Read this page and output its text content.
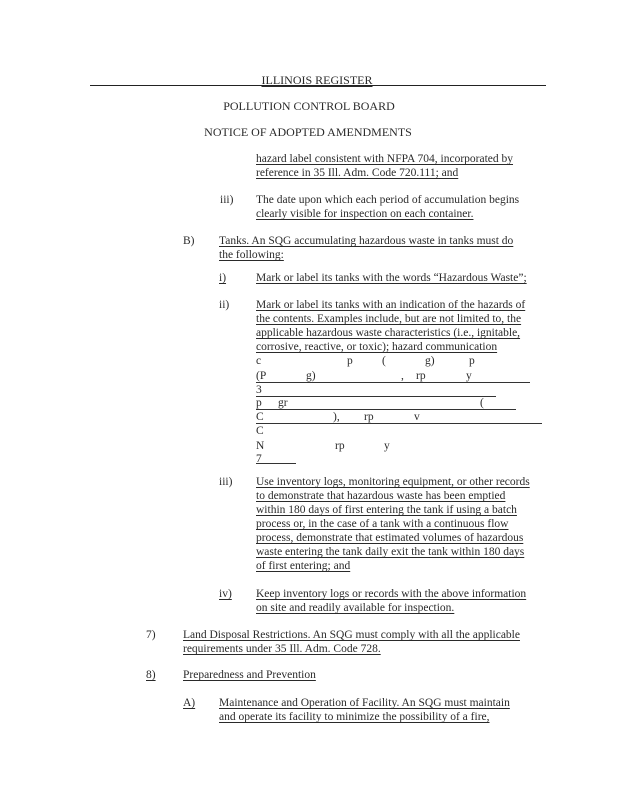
_ _ ILLINOIS REGISTER
POLLUTION CONTROL BOARD
NOTICE OF ADOPTED AMENDMENTS
hazard label consistent with NFPA 704, incorporated by
reference in 35 Ill. Adm. Code 720.111; and
iii) The date upon which each period of accumulation begins
clearly visible for inspection on each container.
B) Tanks. An SQG accumulating hazardous waste in tanks must do
the following:
i)	Mark or label its tanks with the words “Hazardous Waste”;
ii) Mark or label its tanks with an indication of the hazards of
the contents. Examples include, but are not limited to, the
applicable hazardous waste characteristics (i.e., ignitable,
corrosive, reactive, or toxic); hazard communication
c	p	(	g)	p
(P	g)	, rp	y
3
p gr	(
C	), rp	v
C
N	rp	y
7
iii) Use inventory logs, monitoring equipment, or other records
to demonstrate that hazardous waste has been emptied
within 180 days of first entering the tank if using a batch
process or, in the case of a tank with a continuous flow
process, demonstrate that estimated volumes of hazardous
waste entering the tank daily exit the tank within 180 days
of first entering; and
iv) Keep inventory logs or records with the above information
on site and readily available for inspection.
7) Land Disposal Restrictions. An SQG must comply with all the applicable
requirements under 35 Ill. Adm. Code 728.
8) Preparedness and Prevention
A) Maintenance and Operation of Facility. An SQG must maintain
and operate its facility to minimize the possibility of a fire,
